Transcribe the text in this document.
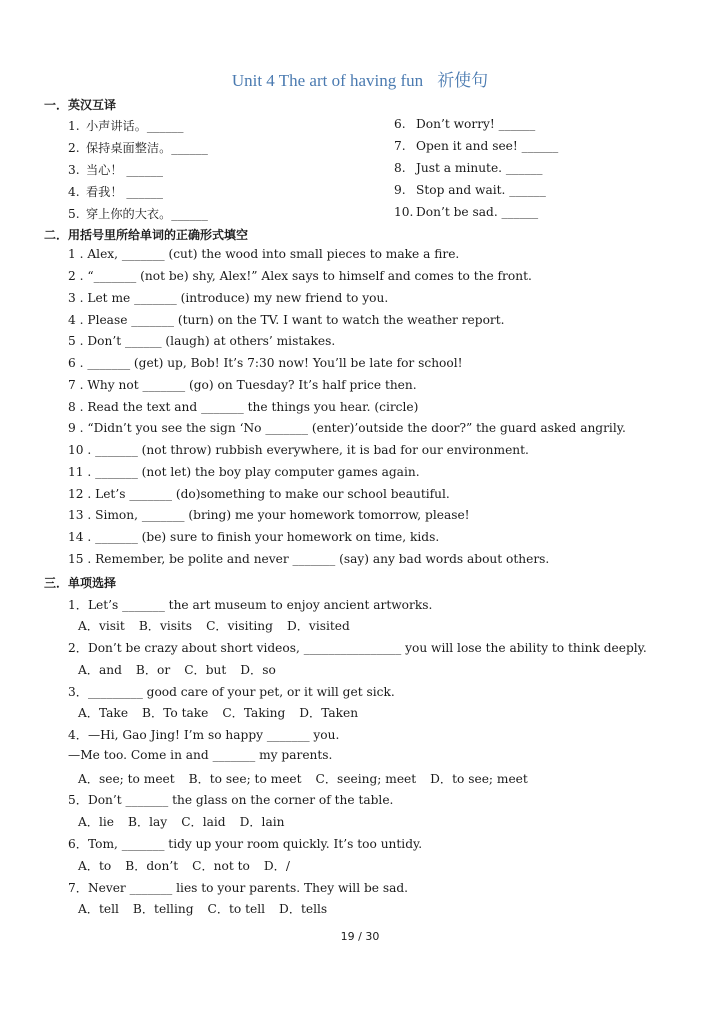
Unit 4 The art of having fun 祈使句
一．英汉互译
1. 小声讲话。______
2. 保持桌面整洁。______
3. 当心！ ______
4. 看我！ ______
5. 穿上你的大衣。______
6. Don’t worry! ______
7. Open it and see! ______
8. Just a minute. ______
9. Stop and wait. ______
10. Don’t be sad. ______
二．用括号里所给单词的正确形式填空
1 . Alex, _______ (cut) the wood into small pieces to make a fire.
2 . “_______ (not be) shy, Alex!” Alex says to himself and comes to the front.
3 . Let me _______ (introduce) my new friend to you.
4 . Please _______ (turn) on the TV. I want to watch the weather report.
5 . Don’t ______ (laugh) at others’ mistakes.
6 . _______ (get) up, Bob! It’s 7:30 now! You’ll be late for school!
7 . Why not _______ (go) on Tuesday? It’s half price then.
8 . Read the text and _______ the things you hear. (circle)
9 . “Didn’t you see the sign ‘No _______ (enter)’outside the door?” the guard asked angrily.
10 . _______ (not throw) rubbish everywhere, it is bad for our environment.
11 . _______ (not let) the boy play computer games again.
12 . Let’s _______ (do)something to make our school beautiful.
13 . Simon, _______ (bring) me your homework tomorrow, please!
14 . _______ (be) sure to finish your homework on time, kids.
15 . Remember, be polite and never _______ (say) any bad words about others.
三．单项选择
1．Let’s _______ the art museum to enjoy ancient artworks.
A．visit B．visits C．visiting D．visited
2．Don’t be crazy about short videos, ________________ you will lose the ability to think deeply.
A．and B．or C．but D．so
3．_________ good care of your pet, or it will get sick.
A．Take B．To take C．Taking D．Taken
4．—Hi, Gao Jing! I’m so happy _______ you.
—Me too. Come in and _______ my parents.
A．see; to meet B．to see; to meet C．seeing; meet D．to see; meet
5．Don’t _______ the glass on the corner of the table.
A．lie B．lay C．laid D．lain
6．Tom, _______ tidy up your room quickly. It’s too untidy.
A．to B．don’t C．not to D．/
7．Never _______ lies to your parents. They will be sad.
A．tell B．telling C．to tell D．tells
19 / 30
